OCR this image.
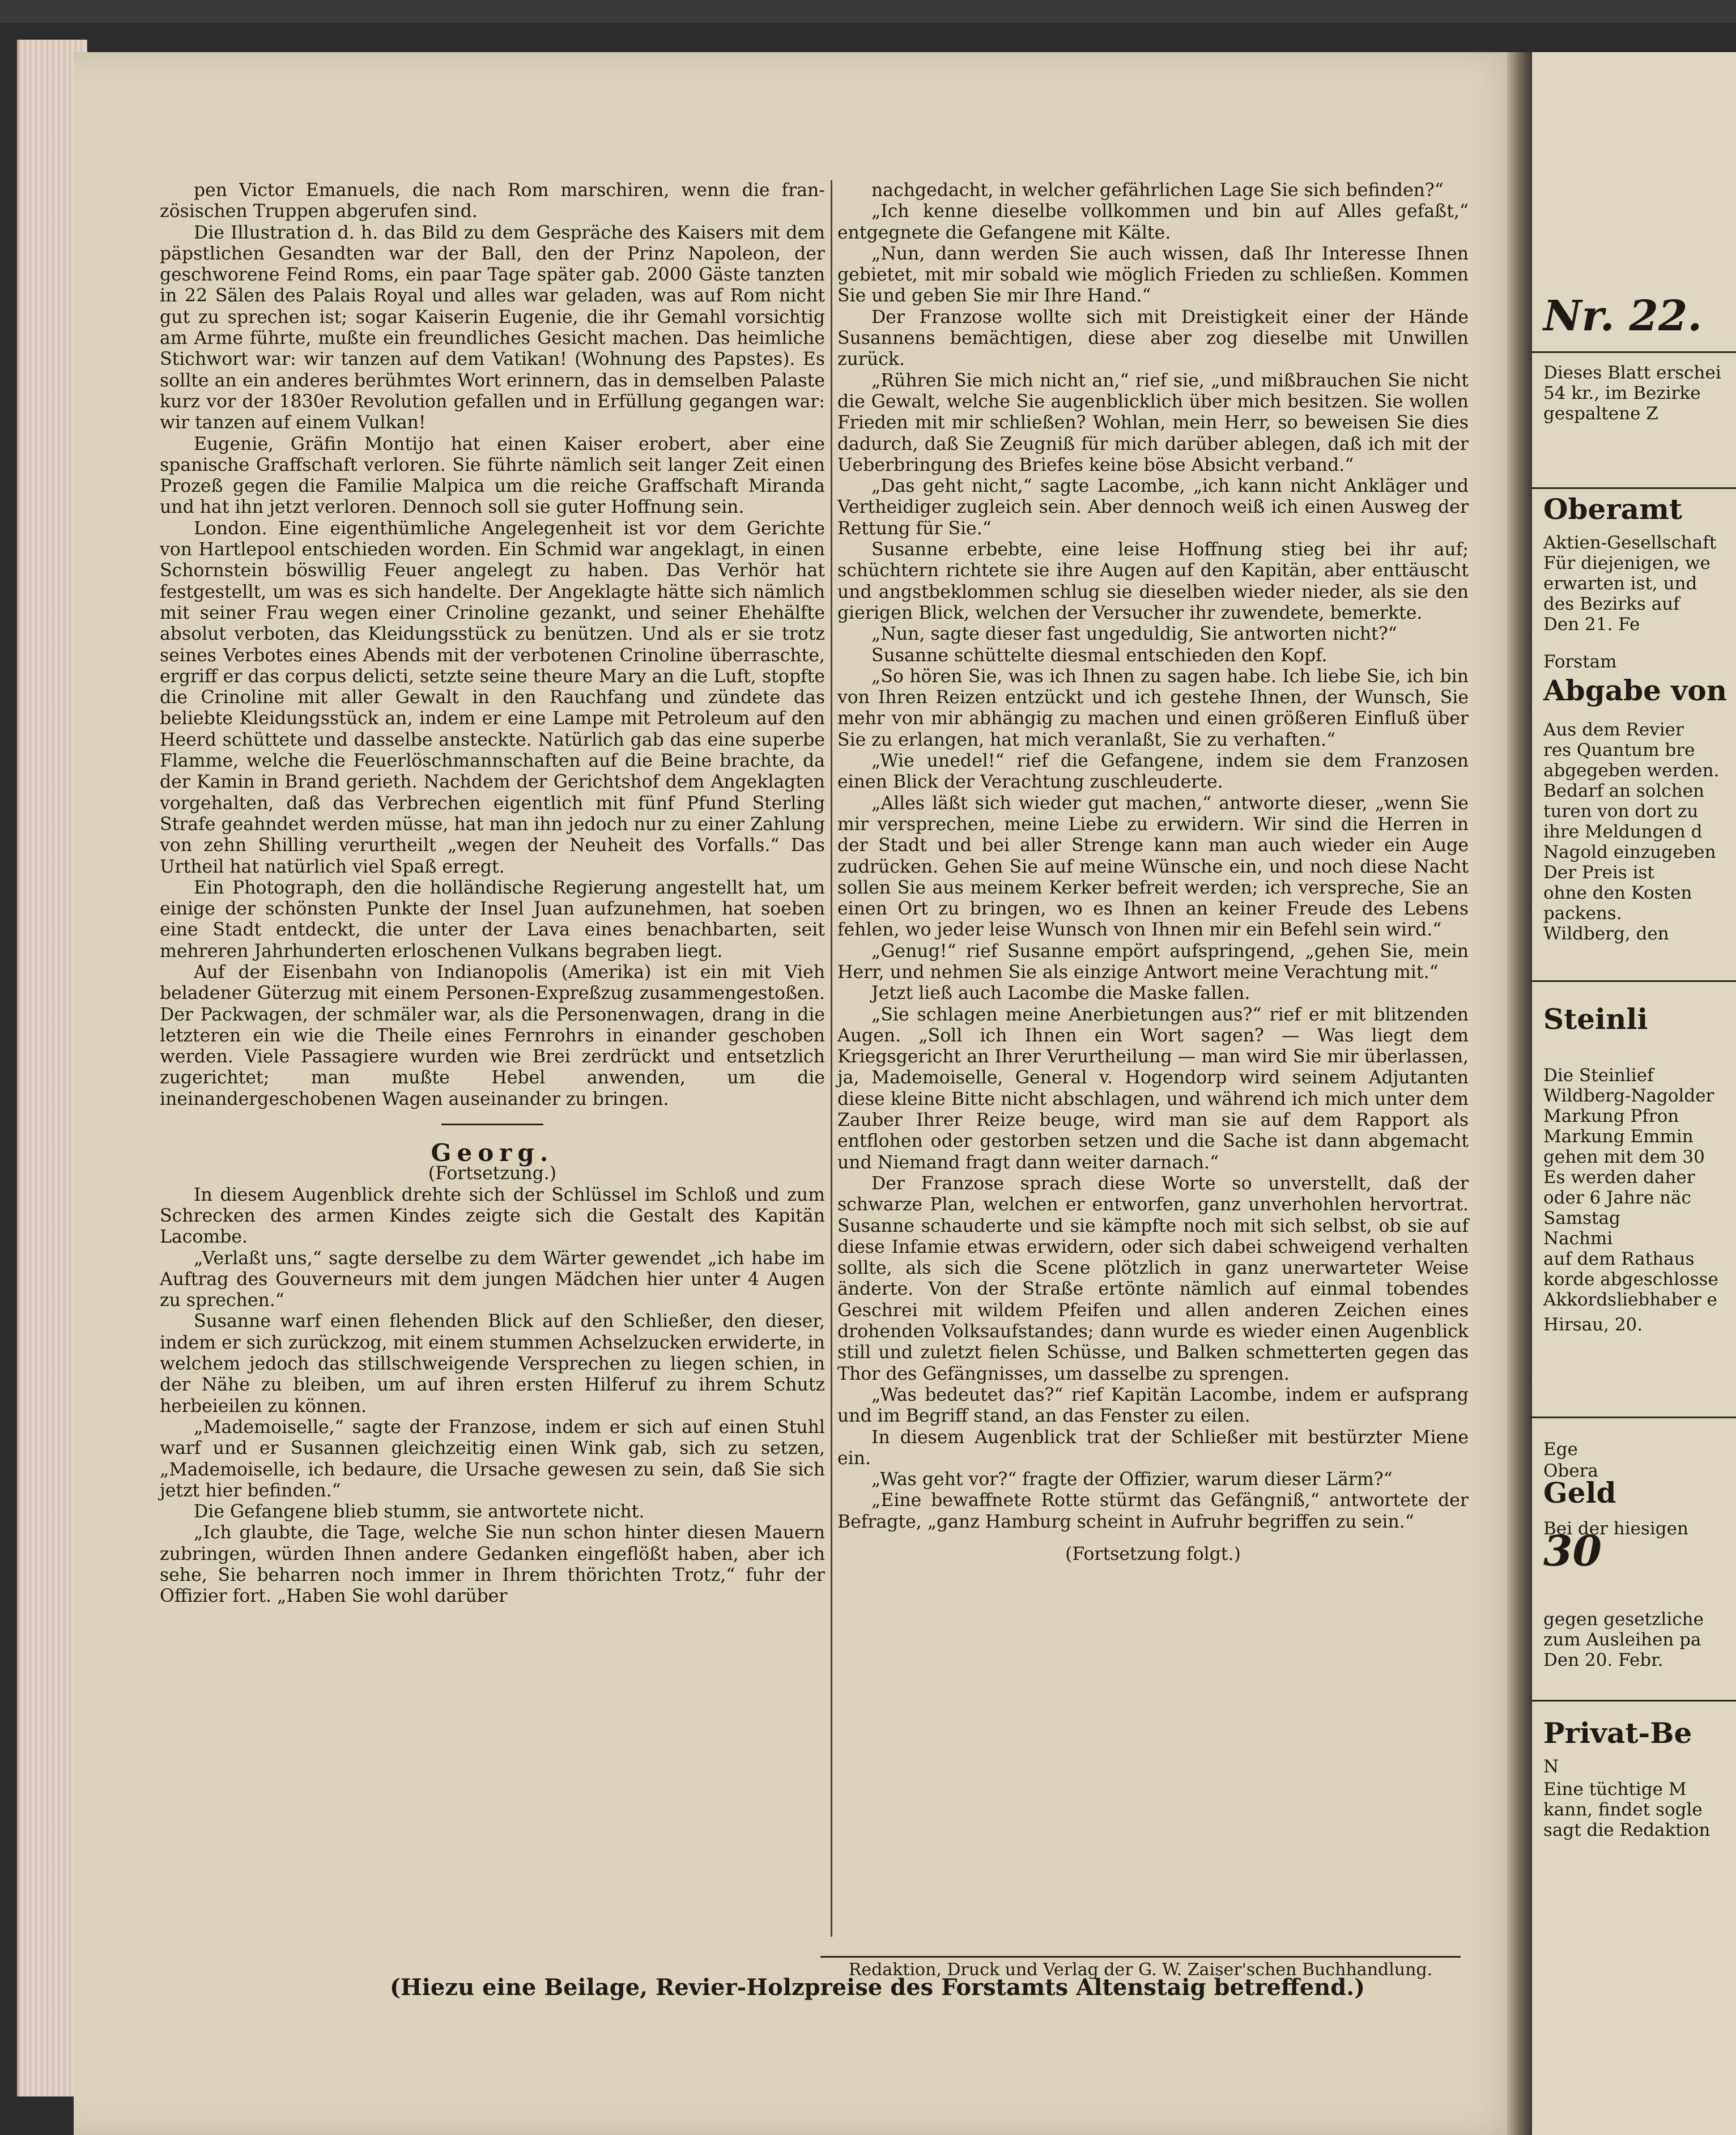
Nr. 22.
Dieses Blatt erschei
54 kr., im Bezirke
gespaltene Z
Oberamt
Aktien-Gesellschaft
Für diejenigen, we
erwarten ist, und
des Bezirks auf
Den 21. Fe
Forstam
Abgabe von
Aus dem Revier
res Quantum bre
abgegeben werden.
Bedarf an solchen
turen von dort zu
ihre Meldungen d
Nagold einzugeben
Der Preis ist
ohne den Kosten
packens.
Wildberg, den
Steinli
Die Steinlief
Wildberg-Nagolder
Markung Pfron
Markung Emmin
gehen mit dem 30
Es werden daher
oder 6 Jahre näc
Samstag
Nachmi
auf dem Rathaus
korde abgeschlosse
Akkordsliebhaber e
Hirsau, 20.
Ege
Obera
Geld
Bei der hiesigen
30
gegen gesetzliche
zum Ausleihen pa
Den 20. Febr.
Privat-Be
N
Eine tüchtige M
kann, findet sogle
sagt die Redaktion

pen Victor Emanuels, die nach Rom marschiren, wenn die fran-zösischen Truppen abgerufen sind.

Die Illustration d. h. das Bild zu dem Gespräche des Kaisers mit dem päpstlichen Gesandten war der Ball, den der Prinz Napoleon, der geschworene Feind Roms, ein paar Tage später gab. 2000 Gäste tanzten in 22 Sälen des Palais Royal und alles war geladen, was auf Rom nicht gut zu sprechen ist; sogar Kaiserin Eugenie, die ihr Gemahl vorsichtig am Arme führte, mußte ein freundliches Gesicht machen. Das heimliche Stichwort war: wir tanzen auf dem Vatikan! (Wohnung des Papstes). Es sollte an ein anderes berühmtes Wort erinnern, das in demselben Palaste kurz vor der 1830er Revolution gefallen und in Erfüllung gegangen war: wir tanzen auf einem Vulkan!

Eugenie, Gräfin Montijo hat einen Kaiser erobert, aber eine spanische Graffschaft verloren. Sie führte nämlich seit langer Zeit einen Prozeß gegen die Familie Malpica um die reiche Graffschaft Miranda und hat ihn jetzt verloren. Dennoch soll sie guter Hoffnung sein.

London. Eine eigenthümliche Angelegenheit ist vor dem Gerichte von Hartlepool entschieden worden. Ein Schmid war angeklagt, in einen Schornstein böswillig Feuer angelegt zu haben. Das Verhör hat festgestellt, um was es sich handelte. Der Angeklagte hätte sich nämlich mit seiner Frau wegen einer Crinoline gezankt, und seiner Ehehälfte absolut verboten, das Kleidungsstück zu benützen. Und als er sie trotz seines Verbotes eines Abends mit der verbotenen Crinoline überraschte, ergriff er das corpus delicti, setzte seine theure Mary an die Luft, stopfte die Crinoline mit aller Gewalt in den Rauchfang und zündete das beliebte Kleidungsstück an, indem er eine Lampe mit Petroleum auf den Heerd schüttete und dasselbe ansteckte. Natürlich gab das eine superbe Flamme, welche die Feuerlöschmannschaften auf die Beine brachte, da der Kamin in Brand gerieth. Nachdem der Gerichtshof dem Angeklagten vorgehalten, daß das Verbrechen eigentlich mit fünf Pfund Sterling Strafe geahndet werden müsse, hat man ihn jedoch nur zu einer Zahlung von zehn Shilling verurtheilt „wegen der Neuheit des Vorfalls.“ Das Urtheil hat natürlich viel Spaß erregt.

Ein Photograph, den die holländische Regierung angestellt hat, um einige der schönsten Punkte der Insel Juan aufzunehmen, hat soeben eine Stadt entdeckt, die unter der Lava eines benachbarten, seit mehreren Jahrhunderten erloschenen Vulkans begraben liegt.

Auf der Eisenbahn von Indianopolis (Amerika) ist ein mit Vieh beladener Güterzug mit einem Personen-Expreßzug zusammengestoßen. Der Packwagen, der schmäler war, als die Personenwagen, drang in die letzteren ein wie die Theile eines Fernrohrs in einander geschoben werden. Viele Passagiere wurden wie Brei zerdrückt und entsetzlich zugerichtet; man mußte Hebel anwenden, um die ineinandergeschobenen Wagen auseinander zu bringen.

Georg.

(Fortsetzung.)

In diesem Augenblick drehte sich der Schlüssel im Schloß und zum Schrecken des armen Kindes zeigte sich die Gestalt des Kapitän Lacombe.

„Verlaßt uns,“ sagte derselbe zu dem Wärter gewendet „ich habe im Auftrag des Gouverneurs mit dem jungen Mädchen hier unter 4 Augen zu sprechen.“

Susanne warf einen flehenden Blick auf den Schließer, den dieser, indem er sich zurückzog, mit einem stummen Achselzucken erwiderte, in welchem jedoch das stillschweigende Versprechen zu liegen schien, in der Nähe zu bleiben, um auf ihren ersten Hilferuf zu ihrem Schutz herbeieilen zu können.

„Mademoiselle,“ sagte der Franzose, indem er sich auf einen Stuhl warf und er Susannen gleichzeitig einen Wink gab, sich zu setzen, „Mademoiselle, ich bedaure, die Ursache gewesen zu sein, daß Sie sich jetzt hier befinden.“

Die Gefangene blieb stumm, sie antwortete nicht.

„Ich glaubte, die Tage, welche Sie nun schon hinter diesen Mauern zubringen, würden Ihnen andere Gedanken eingeflößt haben, aber ich sehe, Sie beharren noch immer in Ihrem thörichten Trotz,“ fuhr der Offizier fort. „Haben Sie wohl darüber

nachgedacht, in welcher gefährlichen Lage Sie sich befinden?“

„Ich kenne dieselbe vollkommen und bin auf Alles gefaßt,“ entgegnete die Gefangene mit Kälte.

„Nun, dann werden Sie auch wissen, daß Ihr Interesse Ihnen gebietet, mit mir sobald wie möglich Frieden zu schließen. Kommen Sie und geben Sie mir Ihre Hand.“

Der Franzose wollte sich mit Dreistigkeit einer der Hände Susannens bemächtigen, diese aber zog dieselbe mit Unwillen zurück.

„Rühren Sie mich nicht an,“ rief sie, „und mißbrauchen Sie nicht die Gewalt, welche Sie augenblicklich über mich besitzen. Sie wollen Frieden mit mir schließen? Wohlan, mein Herr, so beweisen Sie dies dadurch, daß Sie Zeugniß für mich darüber ablegen, daß ich mit der Ueberbringung des Briefes keine böse Absicht verband.“

„Das geht nicht,“ sagte Lacombe, „ich kann nicht Ankläger und Vertheidiger zugleich sein. Aber dennoch weiß ich einen Ausweg der Rettung für Sie.“

Susanne erbebte, eine leise Hoffnung stieg bei ihr auf; schüchtern richtete sie ihre Augen auf den Kapitän, aber enttäuscht und angstbeklommen schlug sie dieselben wieder nieder, als sie den gierigen Blick, welchen der Versucher ihr zuwendete, bemerkte.

„Nun, sagte dieser fast ungeduldig, Sie antworten nicht?“

Susanne schüttelte diesmal entschieden den Kopf.

„So hören Sie, was ich Ihnen zu sagen habe. Ich liebe Sie, ich bin von Ihren Reizen entzückt und ich gestehe Ihnen, der Wunsch, Sie mehr von mir abhängig zu machen und einen größeren Einfluß über Sie zu erlangen, hat mich veranlaßt, Sie zu verhaften.“

„Wie unedel!“ rief die Gefangene, indem sie dem Franzosen einen Blick der Verachtung zuschleuderte.

„Alles läßt sich wieder gut machen,“ antworte dieser, „wenn Sie mir versprechen, meine Liebe zu erwidern. Wir sind die Herren in der Stadt und bei aller Strenge kann man auch wieder ein Auge zudrücken. Gehen Sie auf meine Wünsche ein, und noch diese Nacht sollen Sie aus meinem Kerker befreit werden; ich verspreche, Sie an einen Ort zu bringen, wo es Ihnen an keiner Freude des Lebens fehlen, wo jeder leise Wunsch von Ihnen mir ein Befehl sein wird.“

„Genug!“ rief Susanne empört aufspringend, „gehen Sie, mein Herr, und nehmen Sie als einzige Antwort meine Verachtung mit.“

Jetzt ließ auch Lacombe die Maske fallen.

„Sie schlagen meine Anerbietungen aus?“ rief er mit blitzenden Augen. „Soll ich Ihnen ein Wort sagen? — Was liegt dem Kriegsgericht an Ihrer Verurtheilung — man wird Sie mir überlassen, ja, Mademoiselle, General v. Hogendorp wird seinem Adjutanten diese kleine Bitte nicht abschlagen, und während ich mich unter dem Zauber Ihrer Reize beuge, wird man sie auf dem Rapport als entflohen oder gestorben setzen und die Sache ist dann abgemacht und Niemand fragt dann weiter darnach.“

Der Franzose sprach diese Worte so unverstellt, daß der schwarze Plan, welchen er entworfen, ganz unverhohlen hervortrat. Susanne schauderte und sie kämpfte noch mit sich selbst, ob sie auf diese Infamie etwas erwidern, oder sich dabei schweigend verhalten sollte, als sich die Scene plötzlich in ganz unerwarteter Weise änderte. Von der Straße ertönte nämlich auf einmal tobendes Geschrei mit wildem Pfeifen und allen anderen Zeichen eines drohenden Volksaufstandes; dann wurde es wieder einen Augenblick still und zuletzt fielen Schüsse, und Balken schmetterten gegen das Thor des Gefängnisses, um dasselbe zu sprengen.

„Was bedeutet das?“ rief Kapitän Lacombe, indem er aufsprang und im Begriff stand, an das Fenster zu eilen.

In diesem Augenblick trat der Schließer mit bestürzter Miene ein.

„Was geht vor?“ fragte der Offizier, warum dieser Lärm?“

„Eine bewaffnete Rotte stürmt das Gefängniß,“ antwortete der Befragte, „ganz Hamburg scheint in Aufruhr begriffen zu sein.“

(Fortsetzung folgt.)

Redaktion, Druck und Verlag der G. W. Zaiser'schen Buchhandlung.
(Hiezu eine Beilage, Revier-Holzpreise des Forstamts Altenstaig betreffend.)
